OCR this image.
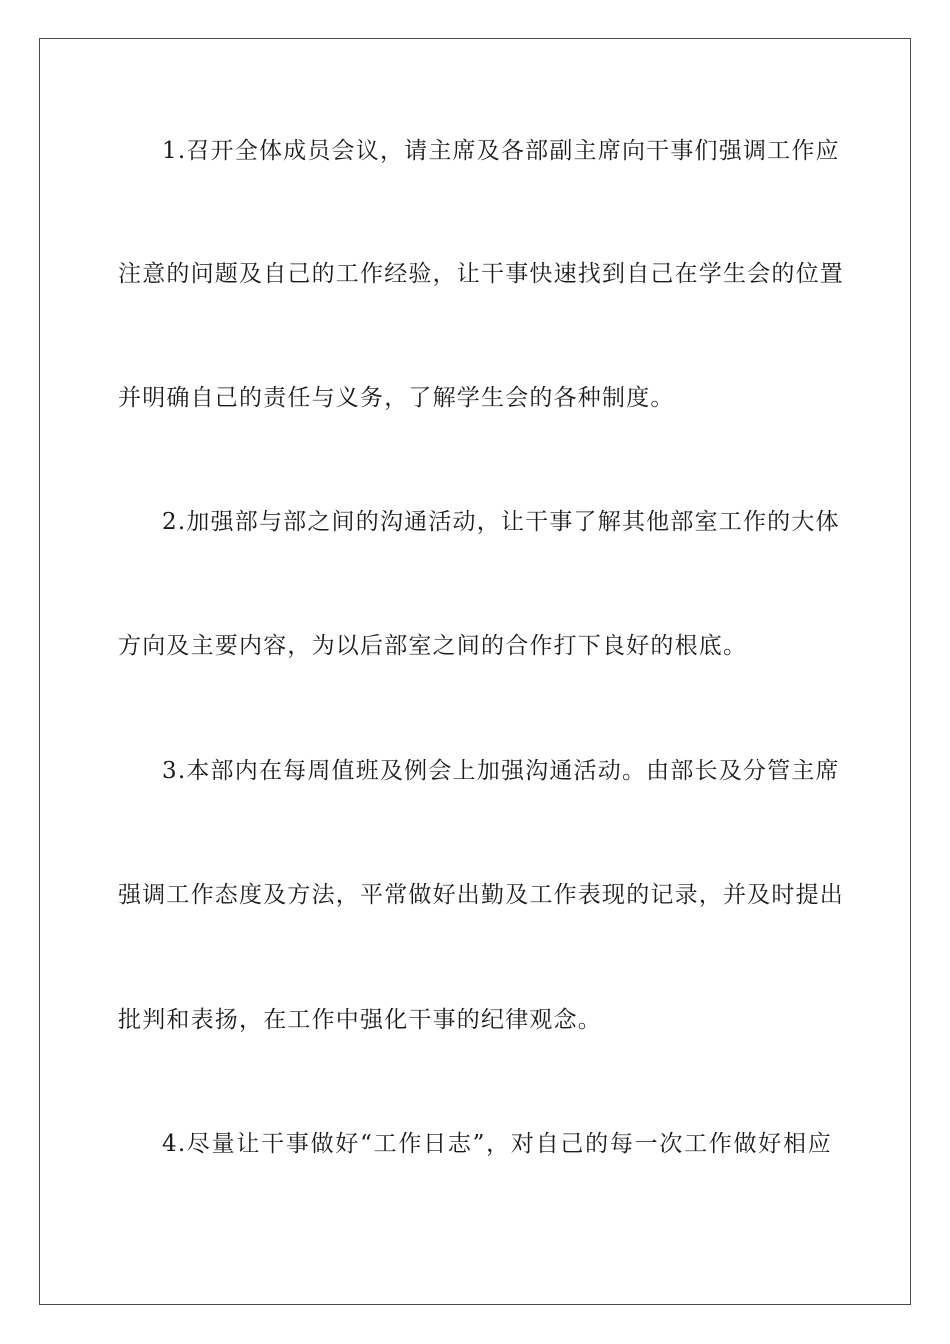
1.召开全体成员会议，请主席及各部副主席向干事们强调工作应
注意的问题及自己的工作经验，让干事快速找到自己在学生会的位置
并明确自己的责任与义务，了解学生会的各种制度。
2.加强部与部之间的沟通活动，让干事了解其他部室工作的大体
方向及主要内容，为以后部室之间的合作打下良好的根底。
3.本部内在每周值班及例会上加强沟通活动。由部长及分管主席
强调工作态度及方法，平常做好出勤及工作表现的记录，并及时提出
批判和表扬，在工作中强化干事的纪律观念。
4.尽量让干事做好“工作日志”，对自己的每一次工作做好相应
